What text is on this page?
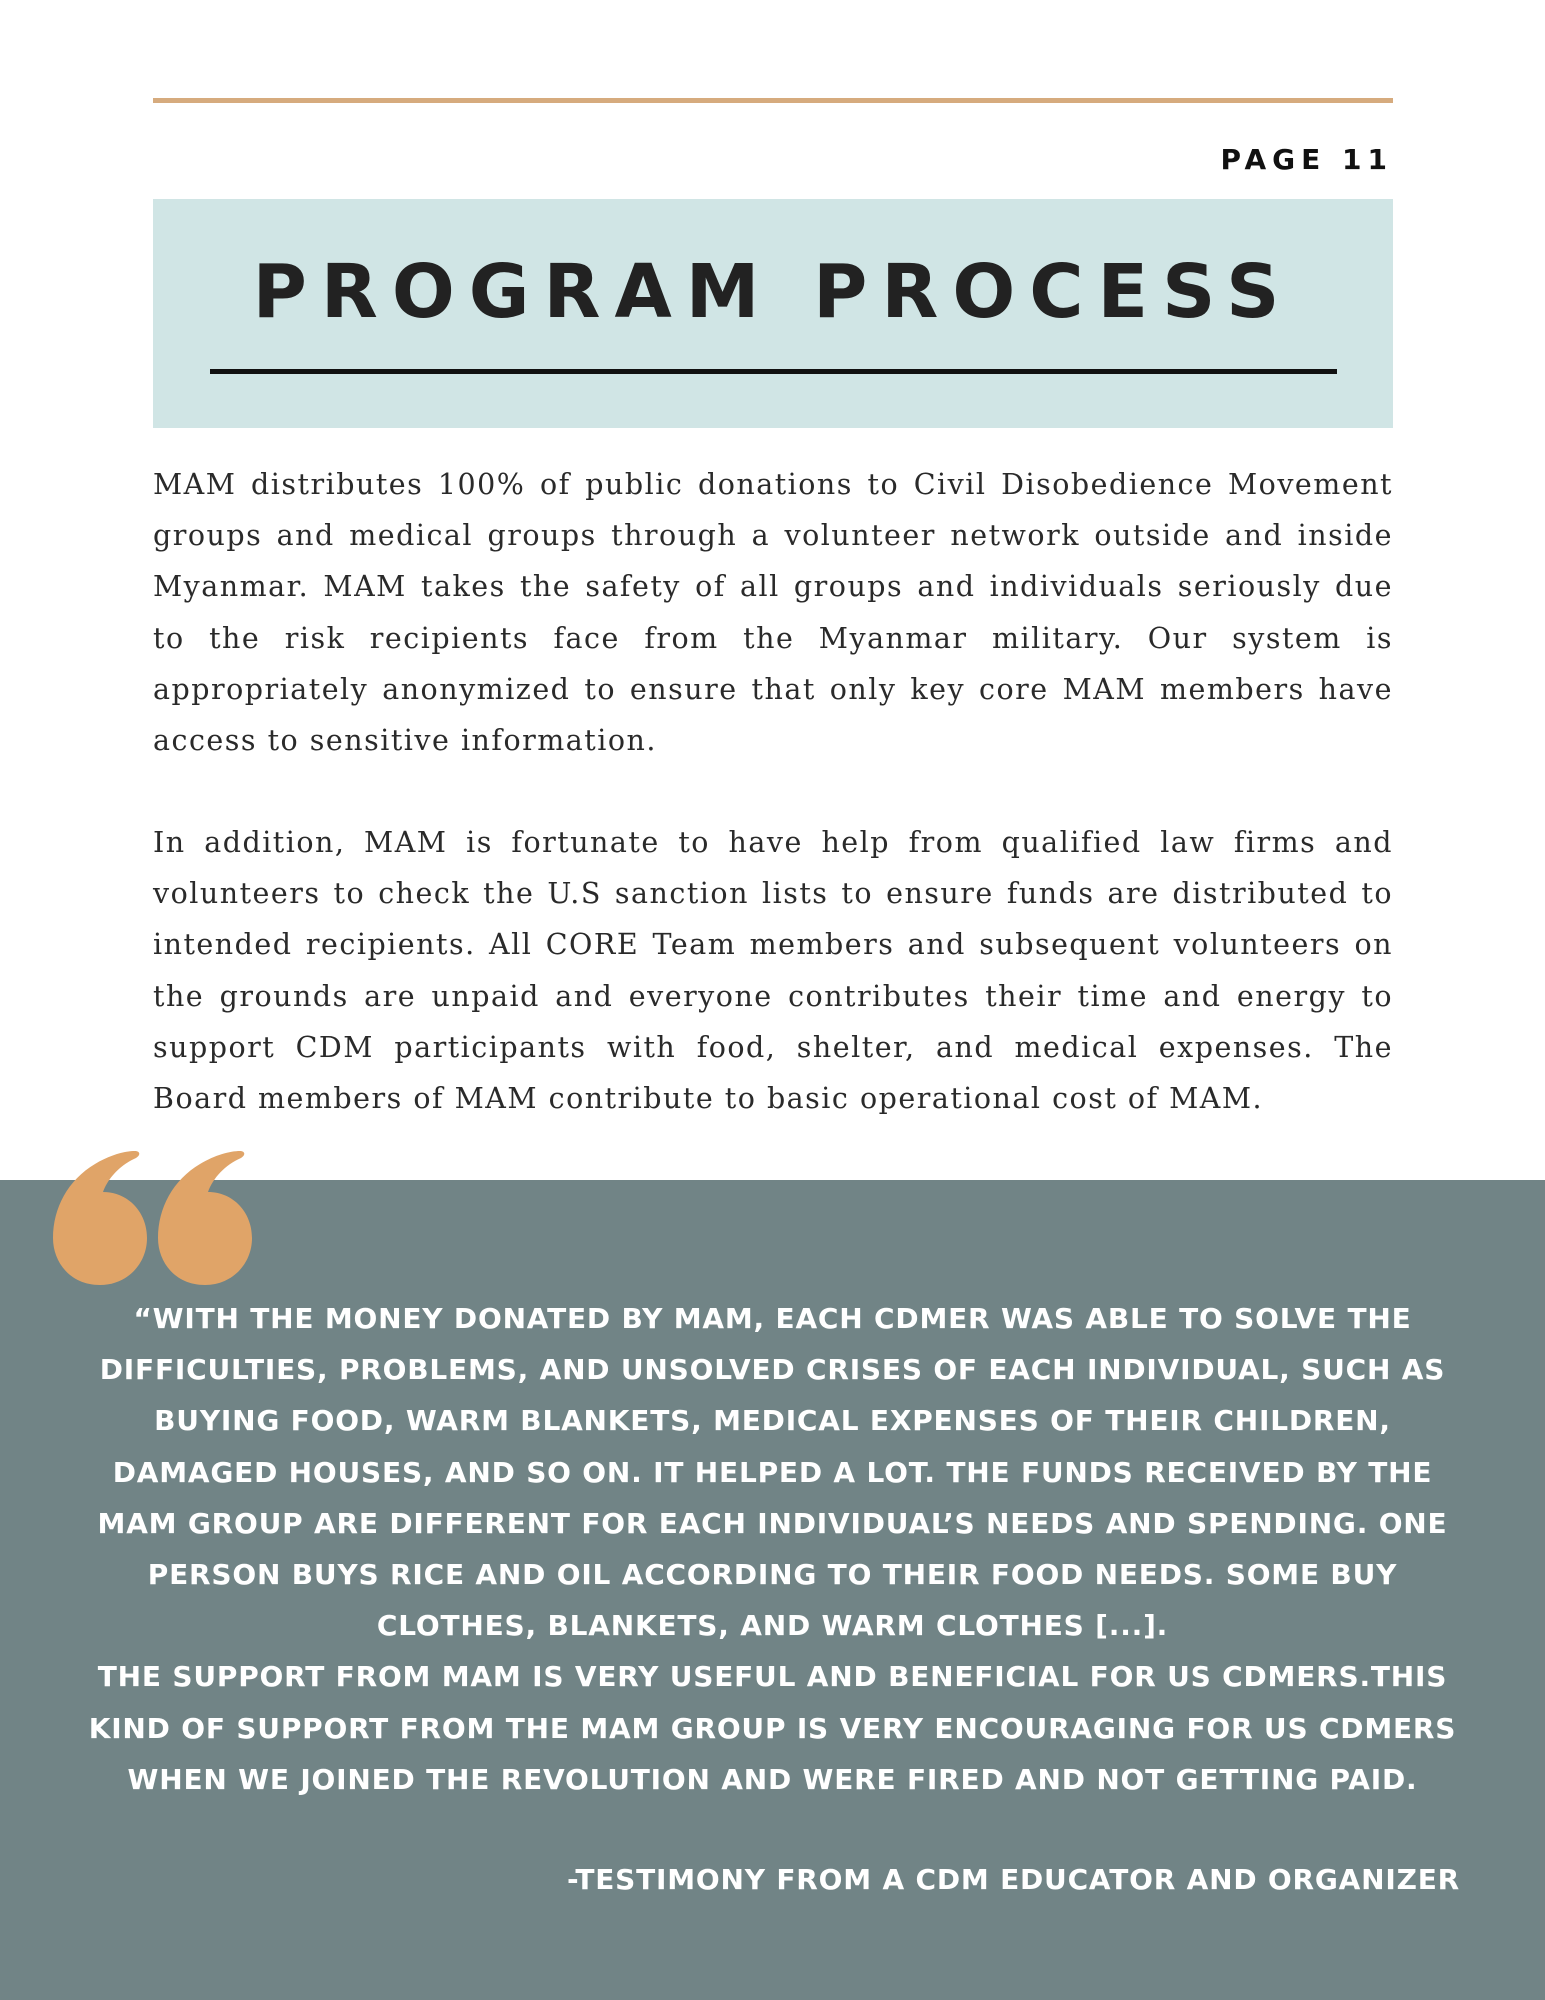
PAGE 11
PROGRAM PROCESS

MAM distributes 100% of public donations to Civil Disobedience Movement groups and medical groups through a volunteer network outside and inside Myanmar. MAM takes the safety of all groups and individuals seriously due to the risk recipients face from the Myanmar military. Our system is appropriately anonymized to ensure that only key core MAM members have access to sensitive information.

In addition, MAM is fortunate to have help from qualified law firms and volunteers to check the U.S sanction lists to ensure funds are distributed to intended recipients. All CORE Team members and subsequent volunteers on the grounds are unpaid and everyone contributes their time and energy to support CDM participants with food, shelter, and medical expenses. The Board members of MAM contribute to basic operational cost of MAM.

“WITH THE MONEY DONATED BY MAM, EACH CDMER WAS ABLE TO SOLVE THE DIFFICULTIES, PROBLEMS, AND UNSOLVED CRISES OF EACH INDIVIDUAL, SUCH AS BUYING FOOD, WARM BLANKETS, MEDICAL EXPENSES OF THEIR CHILDREN, DAMAGED HOUSES, AND SO ON. IT HELPED A LOT. THE FUNDS RECEIVED BY THE MAM GROUP ARE DIFFERENT FOR EACH INDIVIDUAL’S NEEDS AND SPENDING. ONE PERSON BUYS RICE AND OIL ACCORDING TO THEIR FOOD NEEDS. SOME BUY CLOTHES, BLANKETS, AND WARM CLOTHES [...].
THE SUPPORT FROM MAM IS VERY USEFUL AND BENEFICIAL FOR US CDMERS.THIS KIND OF SUPPORT FROM THE MAM GROUP IS VERY ENCOURAGING FOR US CDMERS WHEN WE JOINED THE REVOLUTION AND WERE FIRED AND NOT GETTING PAID.

-TESTIMONY FROM A CDM EDUCATOR AND ORGANIZER
